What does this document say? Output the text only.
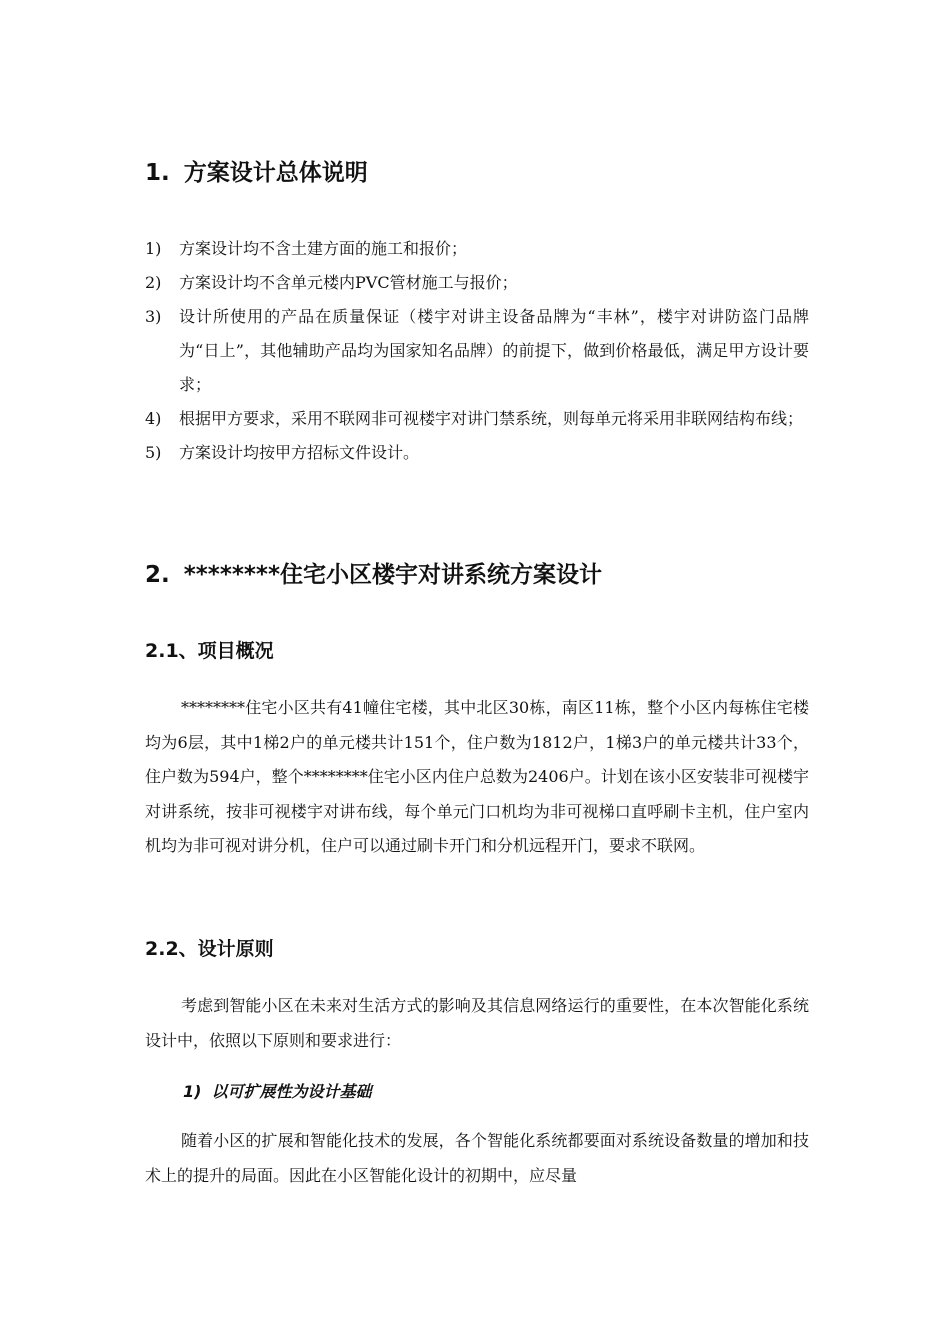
1. 方案设计总体说明
1) 方案设计均不含土建方面的施工和报价；
2) 方案设计均不含单元楼内PVC管材施工与报价；
3) 设计所使用的产品在质量保证（楼宇对讲主设备品牌为“丰林”，楼宇对讲防盗门品牌为“日上”，其他辅助产品均为国家知名品牌）的前提下，做到价格最低，满足甲方设计要求；
4) 根据甲方要求，采用不联网非可视楼宇对讲门禁系统，则每单元将采用非联网结构布线；
5) 方案设计均按甲方招标文件设计。
2. ********住宅小区楼宇对讲系统方案设计
2.1、项目概况

********住宅小区共有41幢住宅楼，其中北区30栋，南区11栋，整个小区内每栋住宅楼均为6层，其中1梯2户的单元楼共计151个，住户数为1812户，1梯3户的单元楼共计33个，住户数为594户，整个********住宅小区内住户总数为2406户。计划在该小区安装非可视楼宇对讲系统，按非可视楼宇对讲布线，每个单元门口机均为非可视梯口直呼刷卡主机，住户室内机均为非可视对讲分机，住户可以通过刷卡开门和分机远程开门，要求不联网。

2.2、设计原则

考虑到智能小区在未来对生活方式的影响及其信息网络运行的重要性，在本次智能化系统设计中，依照以下原则和要求进行：

1) 以可扩展性为设计基础

随着小区的扩展和智能化技术的发展，各个智能化系统都要面对系统设备数量的增加和技术上的提升的局面。因此在小区智能化设计的初期中，应尽量
